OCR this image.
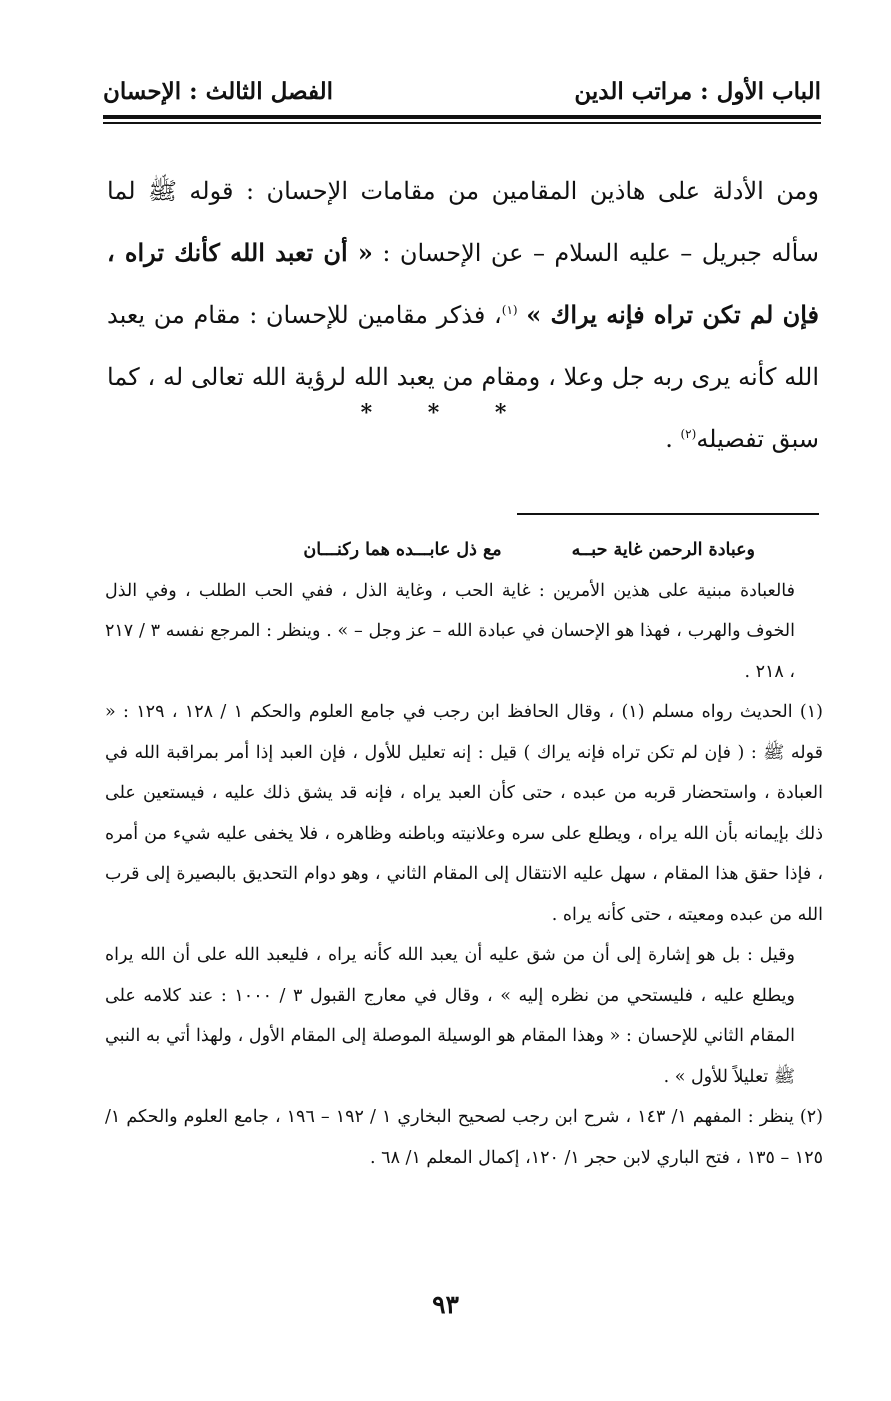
الباب الأول : مراتب الدين
الفصل الثالث : الإحسان

ومن الأدلة على هاذين المقامين من مقامات الإحسان : قوله ﷺ لما سأله جبريل – عليه السلام – عن الإحسان : « أن تعبد الله كأنك تراه ، فإن لم تكن تراه فإنه يراك » $^{(١)}$، فذكر مقامين للإحسان : مقام من يعبد الله كأنه يرى ربه جل وعلا ، ومقام من يعبد الله لرؤية الله تعالى له ، كما سبق تفصيله$^{(٢)}$ .

* * *
وعبادة الرحمن غاية حبــه
مع ذل عابـــده هما ركنـــان

فالعبادة مبنية على هذين الأمرين : غاية الحب ، وغاية الذل ، ففي الحب الطلب ، وفي الذل الخوف والهرب ، فهذا هو الإحسان في عبادة الله – عز وجل – » . وينظر : المرجع نفسه ٣ / ٢١٧ ، ٢١٨ .

(١) الحديث رواه مسلم (١) ، وقال الحافظ ابن رجب في جامع العلوم والحكم ١ / ١٢٨ ، ١٢٩ : « قوله ﷺ : ( فإن لم تكن تراه فإنه يراك ) قيل : إنه تعليل للأول ، فإن العبد إذا أمر بمراقبة الله في العبادة ، واستحضار قربه من عبده ، حتى كأن العبد يراه ، فإنه قد يشق ذلك عليه ، فيستعين على ذلك بإيمانه بأن الله يراه ، ويطلع على سره وعلانيته وباطنه وظاهره ، فلا يخفى عليه شيء من أمره ، فإذا حقق هذا المقام ، سهل عليه الانتقال إلى المقام الثاني ، وهو دوام التحديق بالبصيرة إلى قرب الله من عبده ومعيته ، حتى كأنه يراه .

وقيل : بل هو إشارة إلى أن من شق عليه أن يعبد الله كأنه يراه ، فليعبد الله على أن الله يراه ويطلع عليه ، فليستحي من نظره إليه » ، وقال في معارج القبول ٣ / ١٠٠٠ : عند كلامه على المقام الثاني للإحسان : « وهذا المقام هو الوسيلة الموصلة إلى المقام الأول ، ولهذا أتي به النبي ﷺ تعليلاً للأول » .

(٢) ينظر : المفهم ١/ ١٤٣ ، شرح ابن رجب لصحيح البخاري ١ / ١٩٢ – ١٩٦ ، جامع العلوم والحكم ١/ ١٢٥ – ١٣٥ ، فتح الباري لابن حجر ١/ ١٢٠، إكمال المعلم ١/ ٦٨ .

٩٣
